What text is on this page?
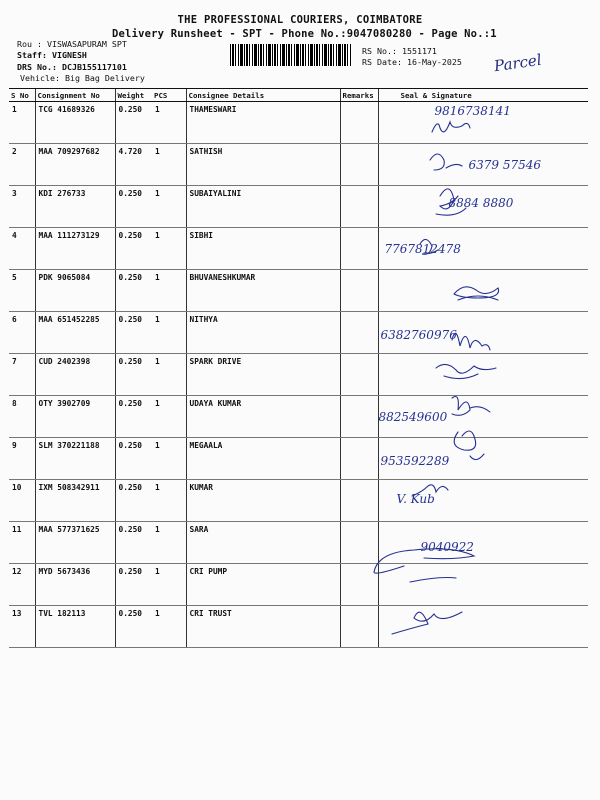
THE PROFESSIONAL COURIERS, COIMBATORE
Delivery Runsheet - SPT - Phone No.:9047080280 - Page No.:1
Rou : VISWASAPURAM SPT
Staff: VIGNESH
DRS No.: DCJB155117101
Vehicle: Big Bag Delivery
RS No.: 1551171
RS Date: 16-May-2025 Parcel
S No	Consignment No	Weight	PCS	Consignee Details	Remarks	Seal & Signature
1	TCG 41689326	0.250	1	THAMESWARI		9816738141

2	MAA 709297682	4.720	1	SATHISH		6379 57546

3	KDI 276733	0.250	1	SUBAIYALINI		8884 8880

4	MAA 111273129	0.250	1	SIBHI		7767812478

5	PDK 9065084	0.250	1	BHUVANESHKUMAR		
6	MAA 651452285	0.250	1	NITHYA		6382760976

7	CUD 2402398	0.250	1	SPARK DRIVE		
8	OTY 3902709	0.250	1	UDAYA KUMAR		882549600

9	SLM 370221188	0.250	1	MEGAALA		953592289

10	IXM 508342911	0.250	1	KUMAR		V. Kub

11	MAA 577371625	0.250	1	SARA		9040922

12	MYD 5673436	0.250	1	CRI PUMP		
13	TVL 182113	0.250	1	CRI TRUST		
